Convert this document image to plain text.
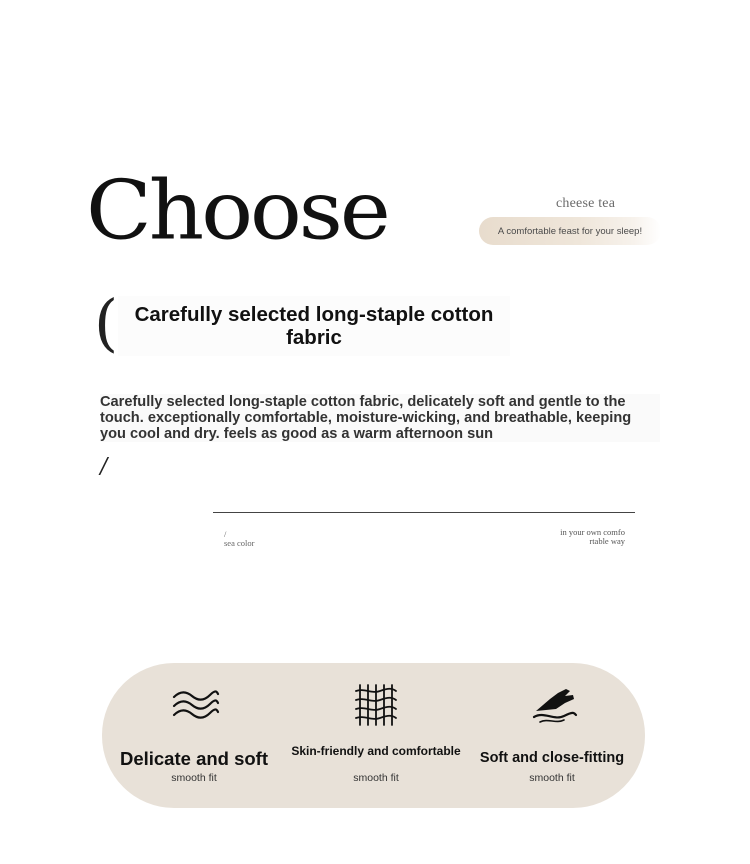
Choose	cheese tea
A comfortable feast for your sleep!
( Carefully selected long-staple cotton fabric
Carefully selected long-staple cotton fabric, delicately soft and gentle to the touch. exceptionally comfortable, moisture-wicking, and breathable, keeping you cool and dry. feels as good as a warm afternoon sun
/
/
sea color
in your own comfo
rtable way
Delicate and soft
smooth fit
Skin-friendly and comfortable
smooth fit
Soft and close-fitting
smooth fit
